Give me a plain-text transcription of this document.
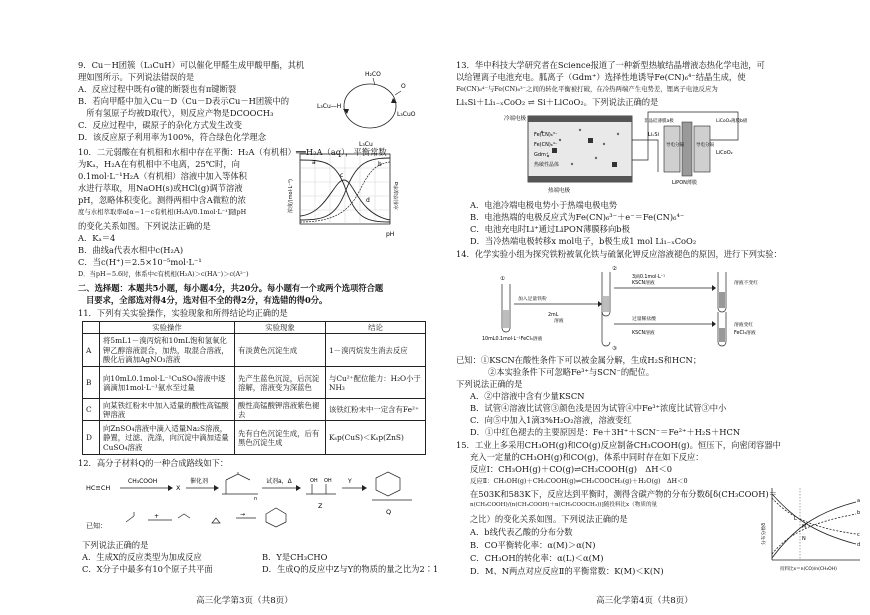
9．Cu－H团簇（L₃CuH）可以催化甲醛生成甲酸甲酯，其机
理如图所示。下列说法错误的是
A．反应过程中既有σ键的断裂也有π键断裂
B．若向甲醛中加入Cu－D（Cu－D表示Cu－H团簇中的
　所有氢原子均被D取代），则反应产物是DCOOCH₃
C．反应过程中，碳原子的杂化方式发生改变
D．该反应原子利用率为100%，符合绿色化学理念
H₂CO
L₃Cu—H
L₃Cu
L₃CuO
O
10．二元弱酸在有机相和水相中存在平衡：H₂A（有机相）══H₂A（aq），平衡常数
为Kₐ，H₂A在有机相中不电离，25℃时，向
0.1mol·L⁻¹H₂A（有机相）溶液中加入等体积
水进行萃取，用NaOH(s)或HCl(g)调节溶液
pH，忽略体积变化。测得两相中含A微粒的浓
度与水相萃取率α[α＝1－c有机相(H₂A)/0.1mol·L⁻¹]随pH
的变化关系如图。下列说法正确的是
A．Kₐ＝4
B．曲线a代表水相中c(H₂A)
C．当c(H⁺)＝2.5×10⁻⁵mol·L⁻¹
D．当pH＝5.6时，体系中c有机相(H₂A)＞c(HA⁻)＞c(A²⁻)
a	b
c
d
pH
浓度/(mol·L⁻¹)	水相萃取率α
二、选择题：本题共5小题，每小题4分，共20分。每小题有一个或两个选项符合题
目要求，全部选对得4分，选对但不全的得2分，有选错的得0分。
11．下列有关实验操作，实验现象和所得结论均正确的是
	实验操作	实验现象	结论
A	将5mL1－溴丙烷和10mL饱和氢氧化钾乙醇溶液混合，加热，取混合溶液，酸化后滴加AgNO₃溶液	有淡黄色沉淀生成	1－溴丙烷发生消去反应
B	向10mL0.1mol·L⁻¹CuSO₄溶液中逐滴滴加1mol·L⁻¹氨水至过量	先产生蓝色沉淀，后沉淀溶解，溶液变为深蓝色	与Cu²⁺配位能力：H₂O小于NH₃
C	向某铁红粉末中加入适量的酸性高锰酸钾溶液	酸性高锰酸钾溶液紫色褪去	该铁红粉末中一定含有Fe²⁺
D	向ZnSO₄溶液中滴入适量Na₂S溶液，静置，过滤、洗涤，向沉淀中滴加适量CuSO₄溶液	先有白色沉淀生成，后有黑色沉淀生成	Kₛp(CuS)＜Kₛp(ZnS)
12．高分子材料Q的一种合成路线如下：
HC≡CH
CH₃COOH
X
催化剂
n
试剂a，Δ	OH OH
Z
Y
Q
已知：
+	→
下列说法正确的是
A．生成X的反应类型为加成反应	B．Y是CH₃CHO
C．X分子中最多有10个原子共平面	D．生成Q的反应中Z与Y的物质的量之比为2∶1
高三化学第3页（共8页）
13．华中科技大学研究者在Science报道了一种新型热敏结晶增液态热化学电池，可
以给锂离子电池充电。胍离子（Gdm⁺）选择性地诱导Fe(CN)₆⁴⁻结晶生成，使
Fe(CN)₆⁴⁻与Fe(CN)₆³⁻之间的转化平衡被打破，在冷热两端产生电势差，锂离子电池反应为
LiₓSi＋Li₁₋ₓCoO₂ ⇌ Si＋LiCoO₂。下列说法正确的是
冷端电极
热端电极
Fe(CN)₆³⁻
Fe(CN)₆⁴⁻
Gdm⁺
热敏性晶体
导电分隔	导电分隔
LiPON薄膜
非晶硅薄膜a极	LiCoO₂薄膜b极
LiₓSi
LiCoO₂
A．电池冷端电极电势小于热端电极电势
B．电池热端的电极反应式为Fe(CN)₆³⁻＋e⁻＝Fe(CN)₆⁴⁻
C．电池充电时Li⁺通过LiPON薄膜移向b极
D．当冷热端电极转移x mol电子，b极生成1 mol Li₁₋ₓCoO₂
14．化学实验小组为探究铁粉被氧化铁与硫氰化钾反应溶液褪色的原因，进行下列实验：
10mL0.1mol·L⁻¹FeCl₃溶液
2mL
溶液
①
②
③
加入足量铁粉
KSCN溶液	溶液不变红
3滴0.1mol·L⁻¹
过量稀盐酸
KSCN溶液
溶液变红
FeCl₃溶液
已知：①KSCN在酸性条件下可以被金属分解，生成H₂S和HCN；
②本实验条件下可忽略Fe³⁺与SCN⁻的配位。
下列说法正确的是
A．②中溶液中含有少量KSCN
B．试管④溶液比试管③颜色浅是因为试管④中Fe³⁺浓度比试管③中小
C．向⑤中加入1滴3%H₂O₂溶液，溶液变红
D．①中红色褪去的主要原因是：Fe＋3H⁺＋SCN⁻＝Fe²⁺＋H₂S＋HCN
15．工业上多采用CH₃OH(g)和CO(g)反应制备CH₃COOH(g)。恒压下，向密闭容器中
充入一定量的CH₃OH(g)和CO(g)，体系中同时存在如下反应：
反应Ⅰ：CH₃OH(g)＋CO(g)⇌CH₃COOH(g)　ΔH＜0
反应Ⅱ：CH₃OH(g)＋CH₃COOH(g)⇌CH₃COOCH₃(g)＋H₂O(g)　ΔH＜0
在503K和583K下，反应达到平衡时，测得含碳产物的分布分数δ[δ(CH₃COOH)＝
n(CH₃COOH)/(n(CH₃COOH)＋n(CH₃COOCH₃))]随投料比x（物质的量
之比）的变化关系如图。下列说法正确的是
A．b线代表乙酸的分布分数
B．CO平衡转化率：α(M)＞α(N)
C．CH₃OH的转化率：α(L)＜α(M)
D．M、N两点对应反应Ⅱ的平衡常数：K(M)＜K(N)
a
b
c
d
M
N
L
分布分数δ
投料比x＝n(CO)/n(CH₃OH)
高三化学第4页（共8页）
